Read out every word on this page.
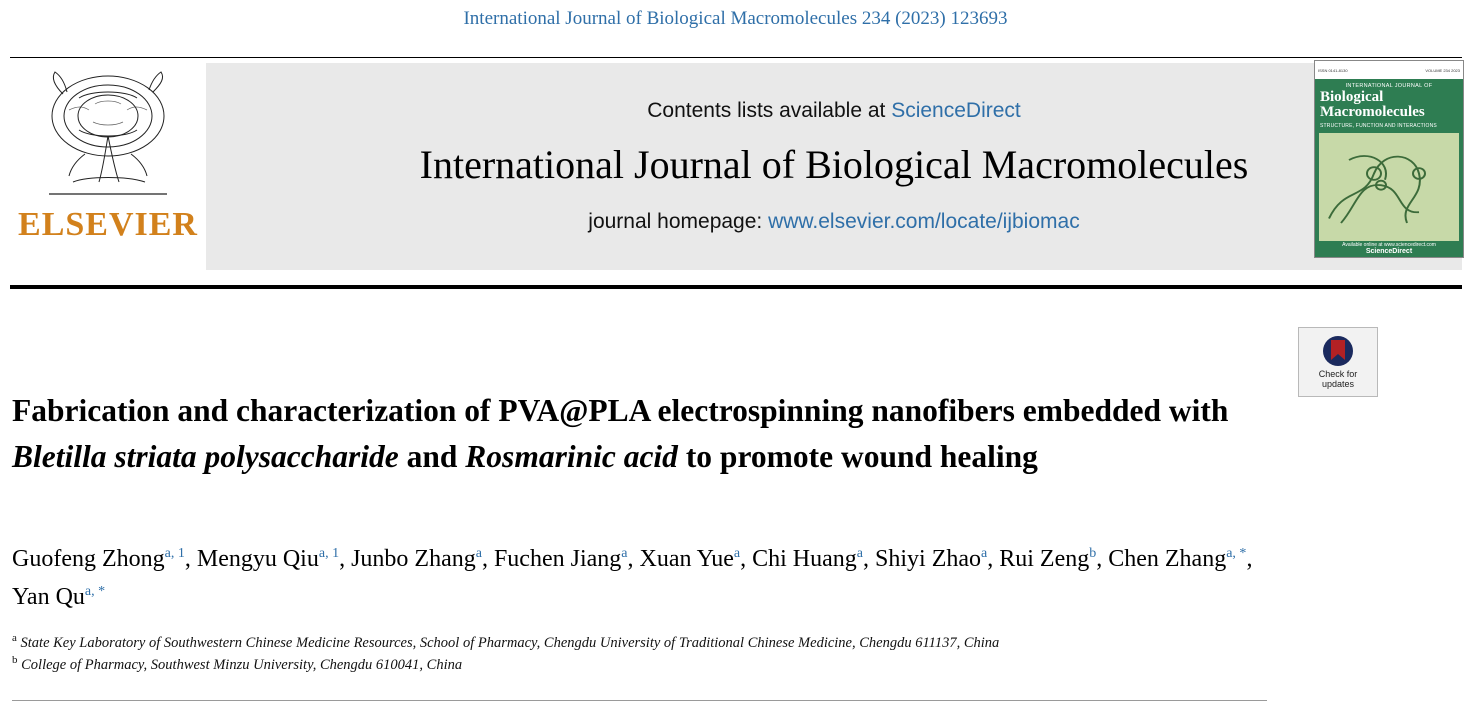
International Journal of Biological Macromolecules 234 (2023) 123693
ELSEVIER
Contents lists available at ScienceDirect
International Journal of Biological Macromolecules
journal homepage: www.elsevier.com/locate/ijbiomac
ISSN 0141-8130	VOLUME 234 2023
INTERNATIONAL JOURNAL OF
Biological
Macromolecules
STRUCTURE, FUNCTION AND INTERACTIONS
Available online at www.sciencedirect.com
ScienceDirect
Check for
updates
Fabrication and characterization of PVA@PLA electrospinning nanofibers embedded with Bletilla striata polysaccharide and Rosmarinic acid to promote wound healing
Guofeng Zhong$^{a, 1}$, Mengyu Qiu$^{a, 1}$, Junbo Zhang$^a$, Fuchen Jiang$^a$, Xuan Yue$^a$, Chi Huang$^a$, Shiyi Zhao$^a$, Rui Zeng$^b$, Chen Zhang$^{a, *}$, Yan $Qu^{a, *}$
$^a$ State Key Laboratory of Southwestern Chinese Medicine Resources, School of Pharmacy, Chengdu University of Traditional Chinese Medicine, Chengdu 611137, China
$^b$ College of Pharmacy, Southwest Minzu University, Chengdu 610041, China
